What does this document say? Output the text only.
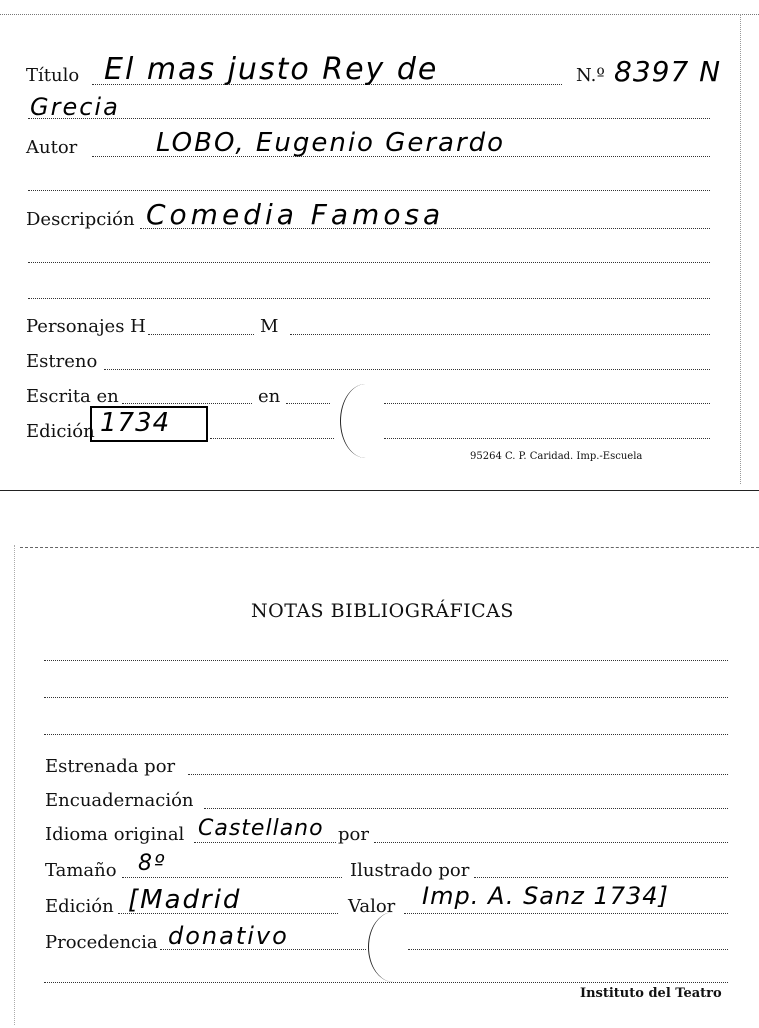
Título El mas justo Rey de	N.º 8397 N
Grecia
Autor	LOBO, Eugenio Gerardo
Descripción Comedia Famosa
Personajes H	M
Estreno
Escrita en	en
Edición 1734
95264 C. P. Caridad. Imp.-Escuela
NOTAS BIBLIOGRÁFICAS
Estrenada por
Encuadernación
Idioma original Castellano por
Tamaño 8º	Ilustrado por
Edición [Madrid	Valor Imp. A. Sanz 1734]
Procedencia donativo
Instituto del Teatro
